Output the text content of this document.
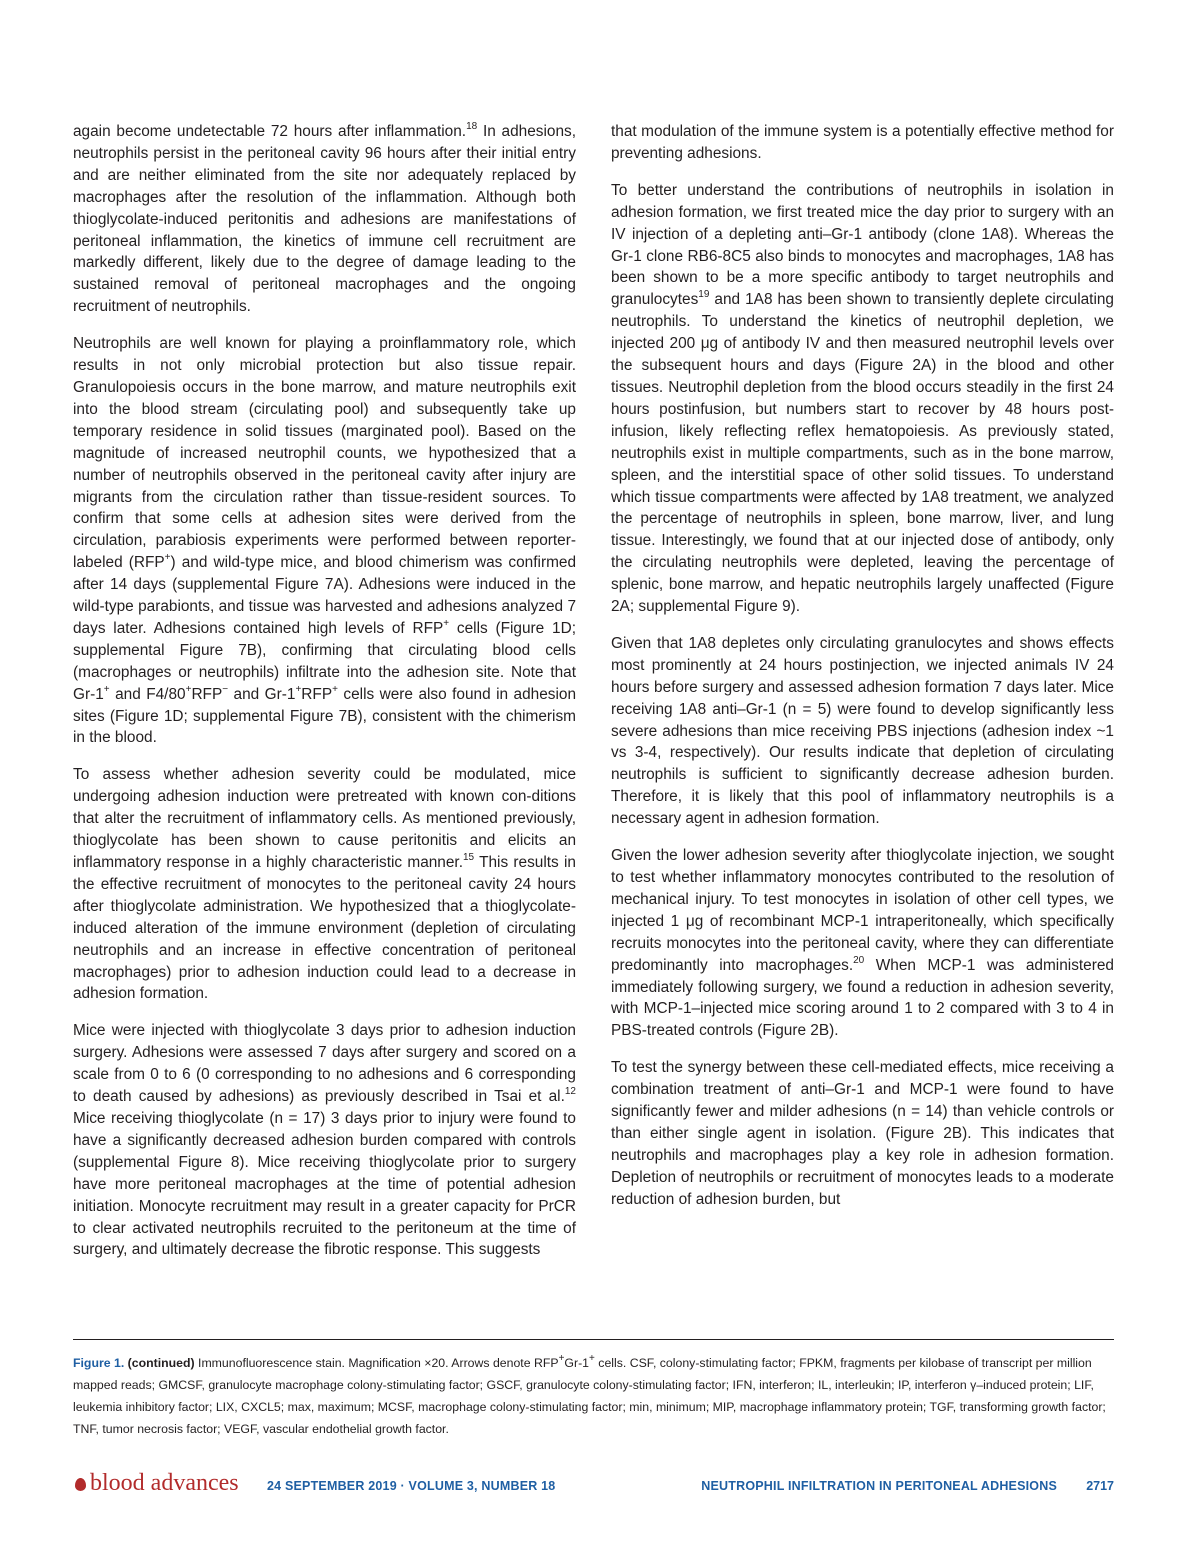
again become undetectable 72 hours after inflammation.$^{18}$ In adhesions, neutrophils persist in the peritoneal cavity 96 hours after their initial entry and are neither eliminated from the site nor adequately replaced by macrophages after the resolution of the inflammation. Although both thioglycolate-induced peritonitis and adhesions are manifestations of peritoneal inflammation, the kinetics of immune cell recruitment are markedly different, likely due to the degree of damage leading to the sustained removal of peritoneal macrophages and the ongoing recruitment of neutrophils.

Neutrophils are well known for playing a proinflammatory role, which results in not only microbial protection but also tissue repair. Granulopoiesis occurs in the bone marrow, and mature neutrophils exit into the blood stream (circulating pool) and subsequently take up temporary residence in solid tissues (marginated pool). Based on the magnitude of increased neutrophil counts, we hypothesized that a number of neutrophils observed in the peritoneal cavity after injury are migrants from the circulation rather than tissue-resident sources. To confirm that some cells at adhesion sites were derived from the circulation, parabiosis experiments were performed between reporter-labeled (RFP+) and wild-type mice, and blood chimerism was confirmed after 14 days (supplemental Figure 7A). Adhesions were induced in the wild-type parabionts, and tissue was harvested and adhesions analyzed 7 days later. Adhesions contained high levels of RFP+ cells (Figure 1D; supplemental Figure 7B), confirming that circulating blood cells (macrophages or neutrophils) infiltrate into the adhesion site. Note that Gr-1+ and F4/80+RFP− and Gr-1+RFP+ cells were also found in adhesion sites (Figure 1D; supplemental Figure 7B), consistent with the chimerism in the blood.

To assess whether adhesion severity could be modulated, mice undergoing adhesion induction were pretreated with known con-ditions that alter the recruitment of inflammatory cells. As mentioned previously, thioglycolate has been shown to cause peritonitis and elicits an inflammatory response in a highly characteristic manner.$^{15}$ This results in the effective recruitment of monocytes to the peritoneal cavity 24 hours after thioglycolate administration. We hypothesized that a thioglycolate-induced alteration of the immune environment (depletion of circulating neutrophils and an increase in effective concentration of peritoneal macrophages) prior to adhesion induction could lead to a decrease in adhesion formation.

Mice were injected with thioglycolate 3 days prior to adhesion induction surgery. Adhesions were assessed 7 days after surgery and scored on a scale from 0 to 6 (0 corresponding to no adhesions and 6 corresponding to death caused by adhesions) as previously described in Tsai et al.$^{12}$ Mice receiving thioglycolate (n = 17) 3 days prior to injury were found to have a significantly decreased adhesion burden compared with controls (supplemental Figure 8). Mice receiving thioglycolate prior to surgery have more peritoneal macrophages at the time of potential adhesion initiation. Monocyte recruitment may result in a greater capacity for PrCR to clear activated neutrophils recruited to the peritoneum at the time of surgery, and ultimately decrease the fibrotic response. This suggests

that modulation of the immune system is a potentially effective method for preventing adhesions.

To better understand the contributions of neutrophils in isolation in adhesion formation, we first treated mice the day prior to surgery with an IV injection of a depleting anti–Gr-1 antibody (clone 1A8). Whereas the Gr-1 clone RB6-8C5 also binds to monocytes and macrophages, 1A8 has been shown to be a more specific antibody to target neutrophils and granulocytes$^{19}$ and 1A8 has been shown to transiently deplete circulating neutrophils. To understand the kinetics of neutrophil depletion, we injected 200 μg of antibody IV and then measured neutrophil levels over the subsequent hours and days (Figure 2A) in the blood and other tissues. Neutrophil depletion from the blood occurs steadily in the first 24 hours postinfusion, but numbers start to recover by 48 hours post-infusion, likely reflecting reflex hematopoiesis. As previously stated, neutrophils exist in multiple compartments, such as in the bone marrow, spleen, and the interstitial space of other solid tissues. To understand which tissue compartments were affected by 1A8 treatment, we analyzed the percentage of neutrophils in spleen, bone marrow, liver, and lung tissue. Interestingly, we found that at our injected dose of antibody, only the circulating neutrophils were depleted, leaving the percentage of splenic, bone marrow, and hepatic neutrophils largely unaffected (Figure 2A; supplemental Figure 9).

Given that 1A8 depletes only circulating granulocytes and shows effects most prominently at 24 hours postinjection, we injected animals IV 24 hours before surgery and assessed adhesion formation 7 days later. Mice receiving 1A8 anti–Gr-1 (n = 5) were found to develop significantly less severe adhesions than mice receiving PBS injections (adhesion index ~1 vs 3-4, respectively). Our results indicate that depletion of circulating neutrophils is sufficient to significantly decrease adhesion burden. Therefore, it is likely that this pool of inflammatory neutrophils is a necessary agent in adhesion formation.

Given the lower adhesion severity after thioglycolate injection, we sought to test whether inflammatory monocytes contributed to the resolution of mechanical injury. To test monocytes in isolation of other cell types, we injected 1 μg of recombinant MCP-1 intraperitoneally, which specifically recruits monocytes into the peritoneal cavity, where they can differentiate predominantly into macrophages.$^{20}$ When MCP-1 was administered immediately following surgery, we found a reduction in adhesion severity, with MCP-1–injected mice scoring around 1 to 2 compared with 3 to 4 in PBS-treated controls (Figure 2B).

To test the synergy between these cell-mediated effects, mice receiving a combination treatment of anti–Gr-1 and MCP-1 were found to have significantly fewer and milder adhesions (n = 14) than vehicle controls or than either single agent in isolation. (Figure 2B). This indicates that neutrophils and macrophages play a key role in adhesion formation. Depletion of neutrophils or recruitment of monocytes leads to a moderate reduction of adhesion burden, but

Figure 1. (continued) Immunofluorescence stain. Magnification ×20. Arrows denote RFP+Gr-1+ cells. CSF, colony-stimulating factor; FPKM, fragments per kilobase of transcript per million mapped reads; GMCSF, granulocyte macrophage colony-stimulating factor; GSCF, granulocyte colony-stimulating factor; IFN, interferon; IL, interleukin; IP, interferon γ–induced protein; LIF, leukemia inhibitory factor; LIX, CXCL5; max, maximum; MCSF, macrophage colony-stimulating factor; min, minimum; MIP, macrophage inflammatory protein; TGF, transforming growth factor; TNF, tumor necrosis factor; VEGF, vascular endothelial growth factor.
blood advances 24 SEPTEMBER 2019 · VOLUME 3, NUMBER 18	NEUTROPHIL INFILTRATION IN PERITONEAL ADHESIONS 2717
